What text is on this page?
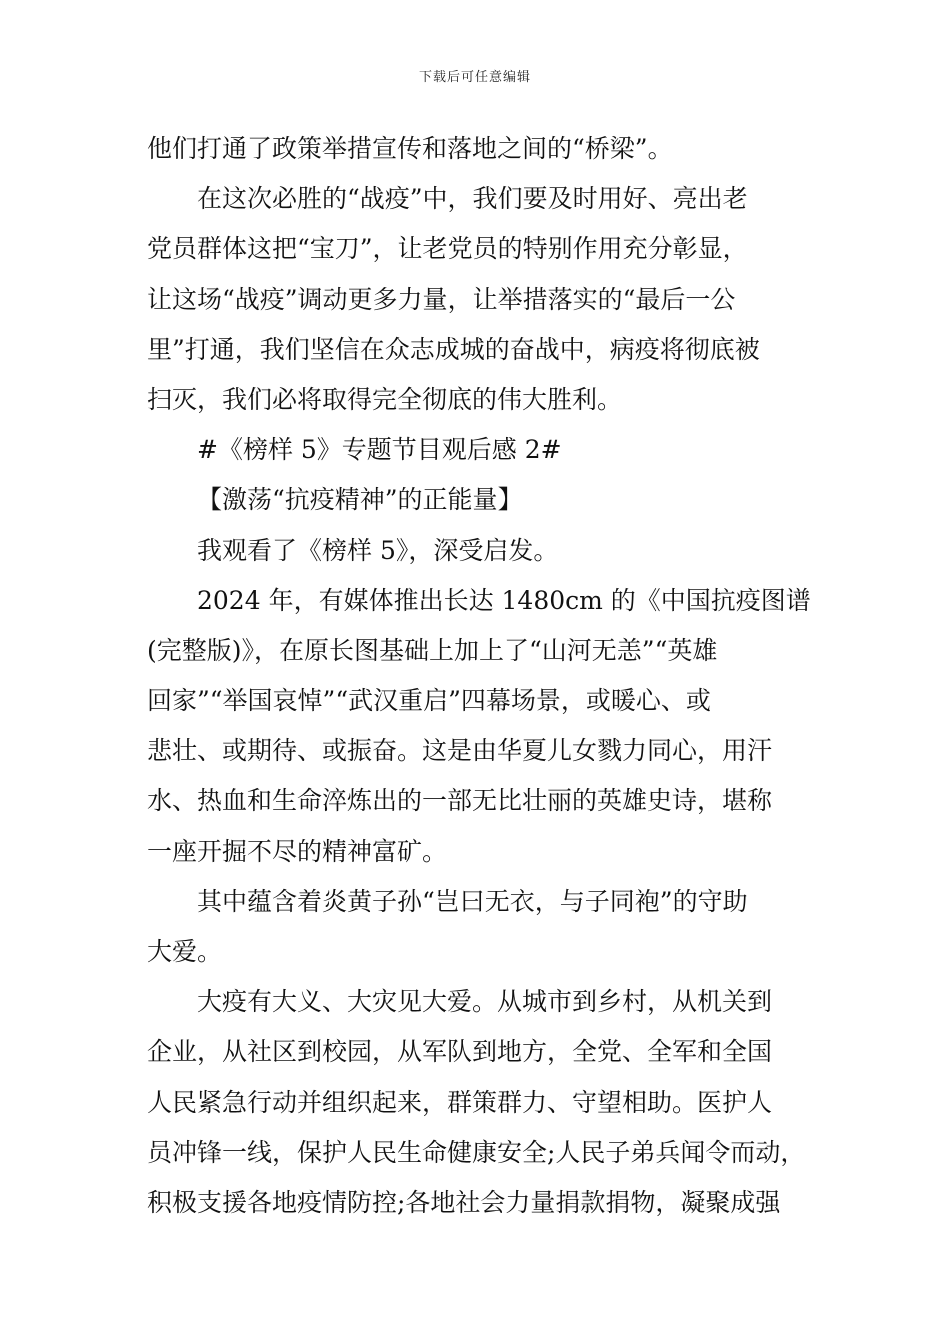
下载后可任意编辑
他们打通了政策举措宣传和落地之间的“桥梁”。
在这次必胜的“战疫”中，我们要及时用好、亮出老
党员群体这把“宝刀”，让老党员的特别作用充分彰显，
让这场“战疫”调动更多力量，让举措落实的“最后一公
里”打通，我们坚信在众志成城的奋战中，病疫将彻底被
扫灭，我们必将取得完全彻底的伟大胜利。
#《榜样 5》专题节目观后感 2#
【激荡“抗疫精神”的正能量】
我观看了《榜样 5》，深受启发。
2024 年，有媒体推出长达 1480cm 的《中国抗疫图谱
(完整版)》，在原长图基础上加上了“山河无恙”“英雄
回家”“举国哀悼”“武汉重启”四幕场景，或暖心、或
悲壮、或期待、或振奋。这是由华夏儿女戮力同心，用汗
水、热血和生命淬炼出的一部无比壮丽的英雄史诗，堪称
一座开掘不尽的精神富矿。
其中蕴含着炎黄子孙“岂曰无衣，与子同袍”的守助
大爱。
大疫有大义、大灾见大爱。从城市到乡村，从机关到
企业，从社区到校园，从军队到地方，全党、全军和全国
人民紧急行动并组织起来，群策群力、守望相助。医护人
员冲锋一线，保护人民生命健康安全;人民子弟兵闻令而动，
积极支援各地疫情防控;各地社会力量捐款捐物，凝聚成强
